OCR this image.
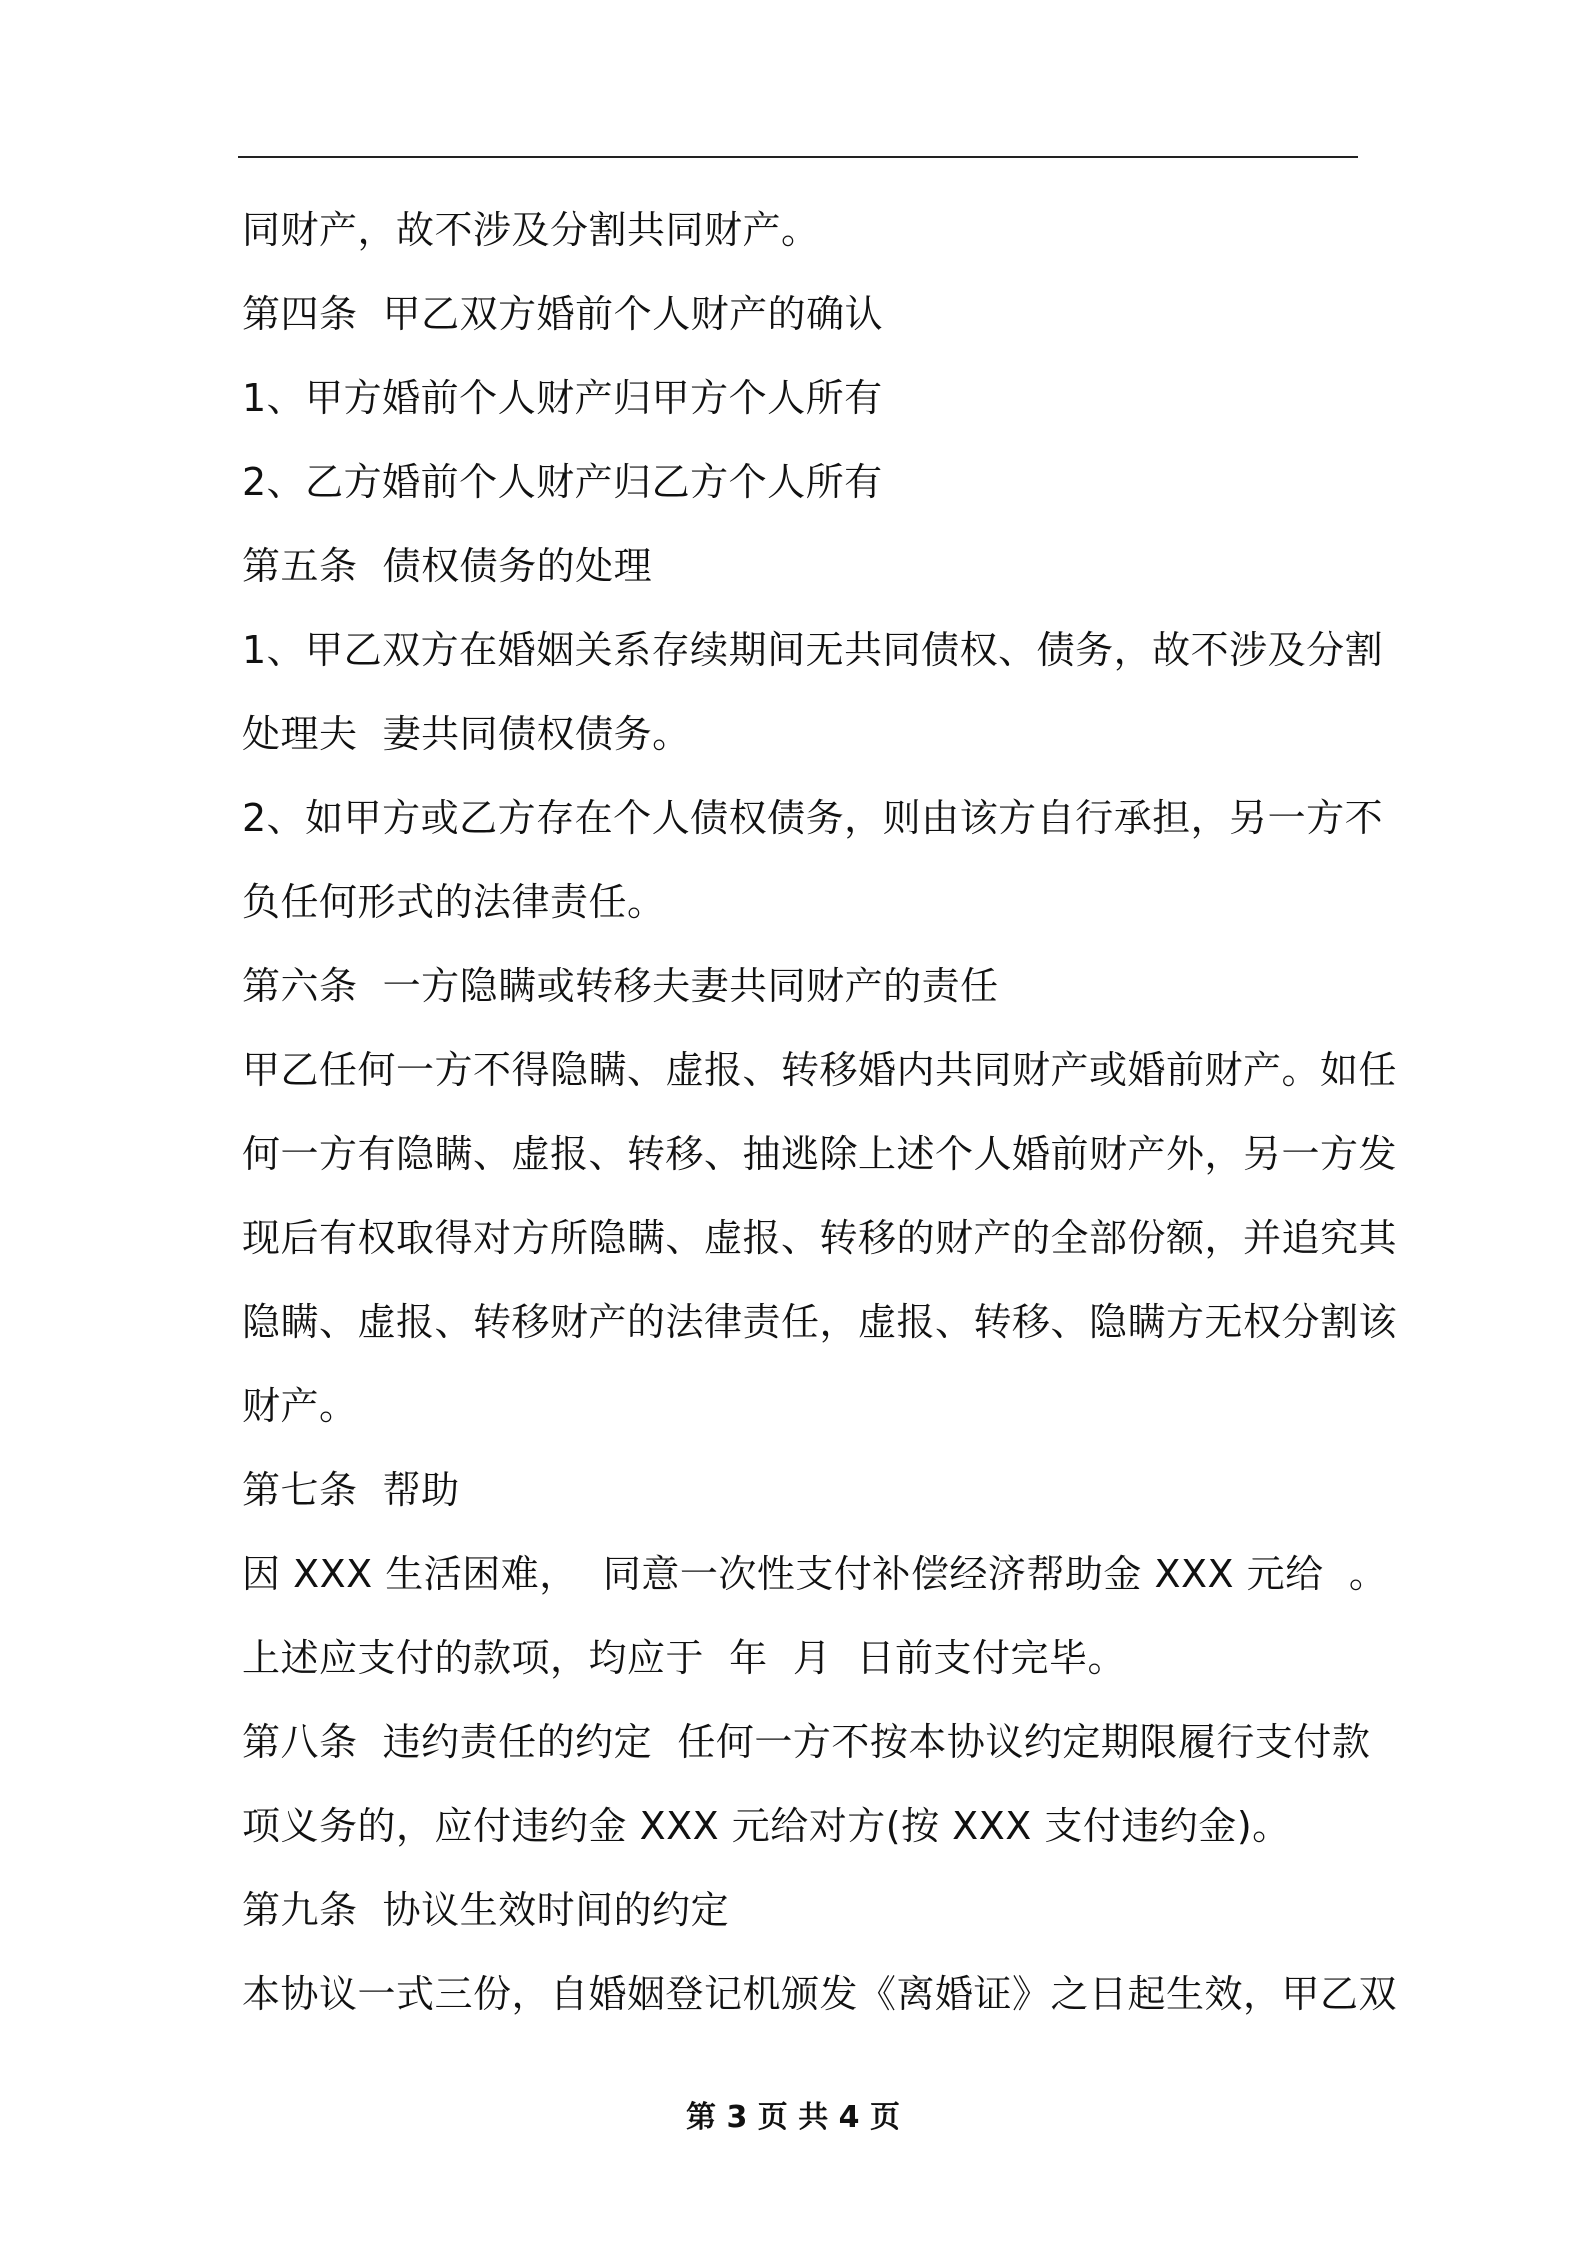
同财产，故不涉及分割共同财产。
第四条  甲乙双方婚前个人财产的确认
1、甲方婚前个人财产归甲方个人所有
2、乙方婚前个人财产归乙方个人所有
第五条  债权债务的处理
1、甲乙双方在婚姻关系存续期间无共同债权、债务，故不涉及分割
处理夫  妻共同债权债务。
2、如甲方或乙方存在个人债权债务，则由该方自行承担，另一方不
负任何形式的法律责任。
第六条  一方隐瞒或转移夫妻共同财产的责任
甲乙任何一方不得隐瞒、虚报、转移婚内共同财产或婚前财产。如任
何一方有隐瞒、虚报、转移、抽逃除上述个人婚前财产外，另一方发
现后有权取得对方所隐瞒、虚报、转移的财产的全部份额，并追究其
隐瞒、虚报、转移财产的法律责任，虚报、转移、隐瞒方无权分割该
财产。
第七条  帮助
因 XXX 生活困难，  同意一次性支付补偿经济帮助金 XXX 元给  。
上述应支付的款项，均应于  年  月  日前支付完毕。
第八条  违约责任的约定  任何一方不按本协议约定期限履行支付款
项义务的，应付违约金 XXX 元给对方(按 XXX 支付违约金)。
第九条  协议生效时间的约定
本协议一式三份，自婚姻登记机颁发《离婚证》之日起生效，甲乙双
第 3 页 共 4 页
